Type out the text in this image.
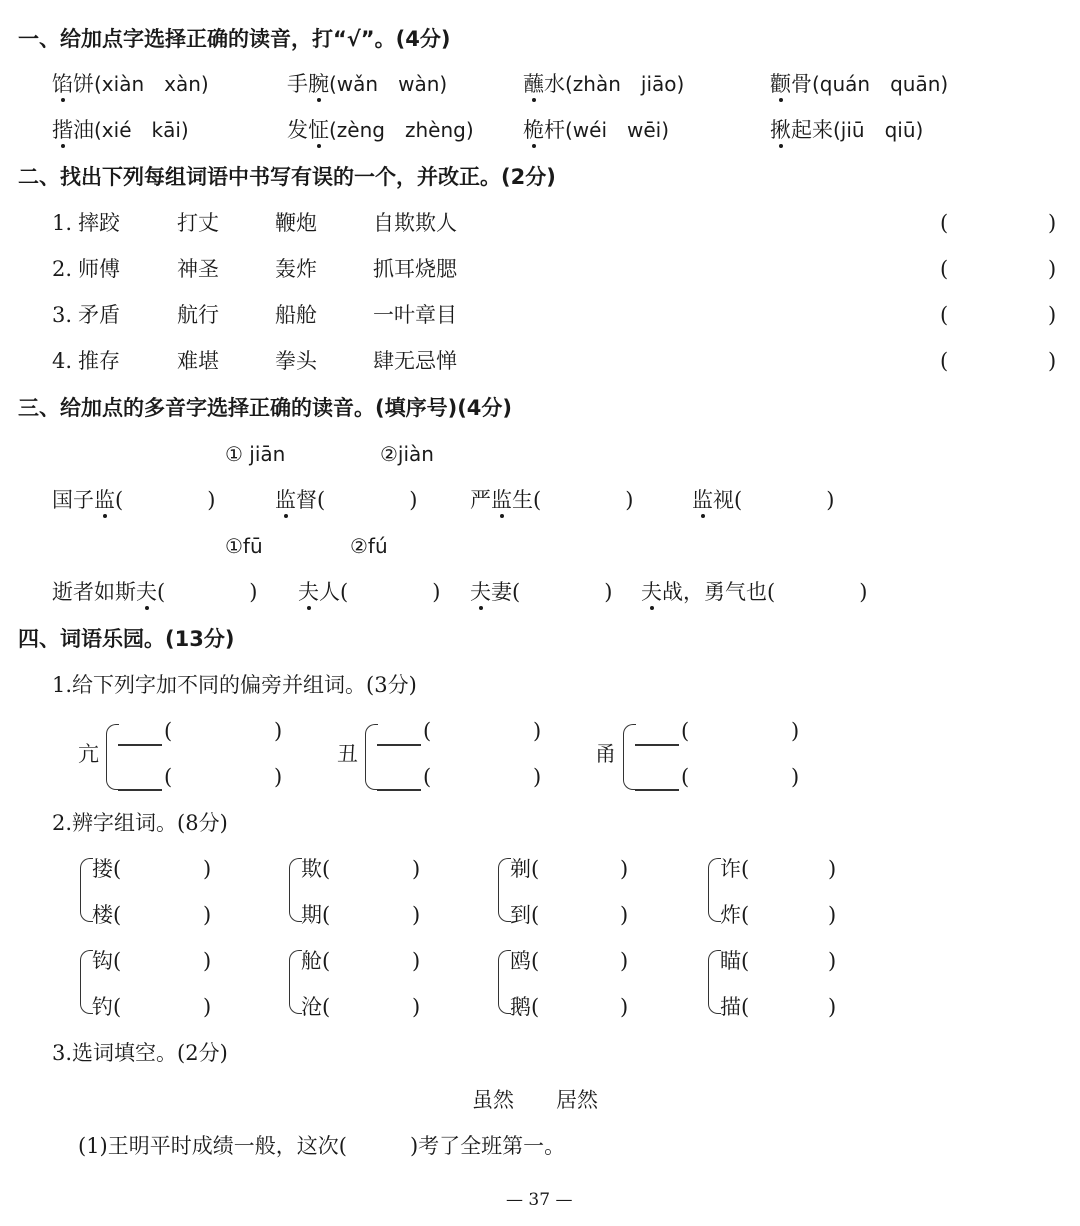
一、给加点字选择正确的读音，打“√”。(4分)
馅饼(xiàn　xàn)	手腕(wǎn　wàn)	蘸水(zhàn　jiāo)	颧骨(quán　quān)
揩油(xié　kāi)	发怔(zèng　zhèng) 桅杆(wéi　wēi)	揪起来(jiū　qiū)
二、找出下列每组词语中书写有误的一个，并改正。(2分)
1. 摔跤	打丈	鞭炮	自欺欺人	(	)
2. 师傅	神圣	轰炸	抓耳烧腮	(	)
3. 矛盾	航行	船舱	一叶章目	(	)
4. 推存	难堪	拳头	肆无忌惮	(	)
三、给加点的多音字选择正确的读音。(填序号)(4分)
① jiān	②jiàn
国子监(　　　　)	监督(　　　　)	严监生(　　　　)	监视(　　　　)
①fū	②fú
逝者如斯夫(　　　　) 夫人(　　　　) 夫妻(　　　　) 夫战，勇气也(　　　　)
四、词语乐园。(13分)
1.给下列字加不同的偏旁并组词。(3分)
亢
(	)
(	)
丑
(	)
(	)
甬
(	)
(	)
2.辨字组词。(8分)
搂(	)
楼(	)
欺(	)
期(	)
剃(	)
到(	)
诈(	)
炸(	)
钩(	)
钓(	)
舱(	)
沧(	)
鸥(	)
鹅(	)
瞄(	)
描(	)
3.选词填空。(2分)
虽然　　居然
(1)王明平时成绩一般，这次(　　　)考了全班第一。
— 37 —
